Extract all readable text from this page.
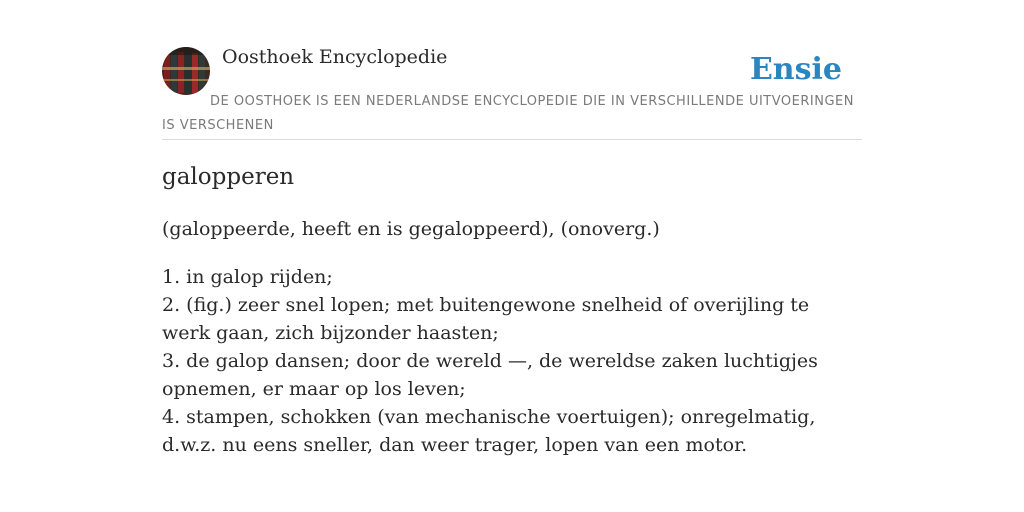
Oosthoek Encyclopedie	Ensie
DE OOSTHOEK IS EEN NEDERLANDSE ENCYCLOPEDIE DIE IN VERSCHILLENDE UITVOERINGEN IS VERSCHENEN
galopperen
(galoppeerde, heeft en is gegaloppeerd), (onoverg.)
1. in galop rijden;
2. (fig.) zeer snel lopen; met buitengewone snelheid of overijling te werk gaan, zich bijzonder haasten;
3. de galop dansen; door de wereld —, de wereldse zaken luchtigjes opnemen, er maar op los leven;
4. stampen, schokken (van mechanische voertuigen); onregelmatig, d.w.z. nu eens sneller, dan weer trager, lopen van een motor.
